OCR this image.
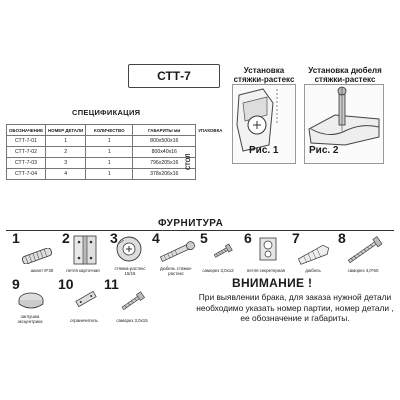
СТТ-7	Установка стяжки-растекс
Рис. 1
Установка дюбеля стяжки-растекс
Рис. 2
СПЕЦИФИКАЦИЯ
ОБОЗНАЧЕНИЕ	НОМЕР ДЕТАЛИ	КОЛИЧЕСТВО	ГАБАРИТЫ мм	УПАКОВКА
СТТ-7-01	1	1	800х500х16	
СТТ-7-02	2	1	800х40х16	
СТТ-7-03	3	1	796х205х16	
СТТ-7-04	4	1	378х206х16	
СТОЛ
ФУРНИТУРА
1
шкант 8*30
2
петля карточная
3
стяжка-растекс 15/16
4
дюбель стяжки-растекс
5
саморез 3,0х12
6
петля секретерная
7
дюбель
8
саморез 4,0*60
9
заглушка эксцентрика
10
ограничитель
11
саморез 3,0х15
ВНИМАНИЕ !
При выявлении брака, для заказа нужной детали необходимо указать номер партии, номер детали , ее обозначение и габариты.
